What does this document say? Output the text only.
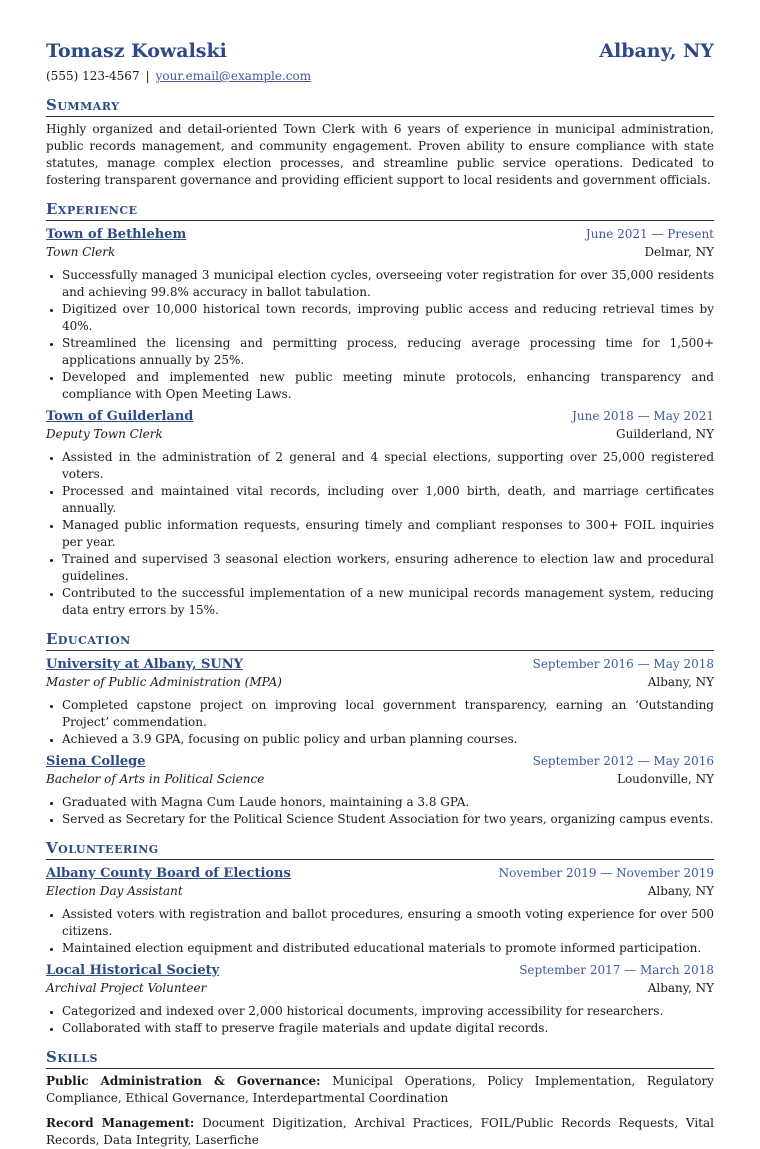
Tomasz Kowalski	Albany, NY
(555) 123-4567 | your.email@example.com
Summary
Highly organized and detail-oriented Town Clerk with 6 years of experience in municipal administration, public records management, and community engagement. Proven ability to ensure compliance with state statutes, manage complex election processes, and streamline public service operations. Dedicated to fostering transparent governance and providing efficient support to local residents and government officials.
Experience
Town of Bethlehem	June 2021 — Present
Town Clerk	Delmar, NY
• Successfully managed 3 municipal election cycles, overseeing voter registration for over 35,000 residents and achieving 99.8% accuracy in ballot tabulation.
• Digitized over 10,000 historical town records, improving public access and reducing retrieval times by 40%.
• Streamlined the licensing and permitting process, reducing average processing time for 1,500+ applications annually by 25%.
• Developed and implemented new public meeting minute protocols, enhancing transparency and compliance with Open Meeting Laws.
Town of Guilderland	June 2018 — May 2021
Deputy Town Clerk	Guilderland, NY
• Assisted in the administration of 2 general and 4 special elections, supporting over 25,000 registered voters.
• Processed and maintained vital records, including over 1,000 birth, death, and marriage certificates annually.
• Managed public information requests, ensuring timely and compliant responses to 300+ FOIL inquiries per year.
• Trained and supervised 3 seasonal election workers, ensuring adherence to election law and procedural guidelines.
• Contributed to the successful implementation of a new municipal records management system, reducing data entry errors by 15%.
Education
University at Albany, SUNY	September 2016 — May 2018
Master of Public Administration (MPA)	Albany, NY
• Completed capstone project on improving local government transparency, earning an ‘Outstanding Project’ commendation.
• Achieved a 3.9 GPA, focusing on public policy and urban planning courses.
Siena College	September 2012 — May 2016
Bachelor of Arts in Political Science	Loudonville, NY
• Graduated with Magna Cum Laude honors, maintaining a 3.8 GPA.
• Served as Secretary for the Political Science Student Association for two years, organizing campus events.
Volunteering
Albany County Board of Elections	November 2019 — November 2019
Election Day Assistant	Albany, NY
• Assisted voters with registration and ballot procedures, ensuring a smooth voting experience for over 500 citizens.
• Maintained election equipment and distributed educational materials to promote informed participation.
Local Historical Society	September 2017 — March 2018
Archival Project Volunteer	Albany, NY
• Categorized and indexed over 2,000 historical documents, improving accessibility for researchers.
• Collaborated with staff to preserve fragile materials and update digital records.
Skills
Public Administration & Governance: Municipal Operations, Policy Implementation, Regulatory Compliance, Ethical Governance, Interdepartmental Coordination
Record Management: Document Digitization, Archival Practices, FOIL/Public Records Requests, Vital Records, Data Integrity, Laserfiche
